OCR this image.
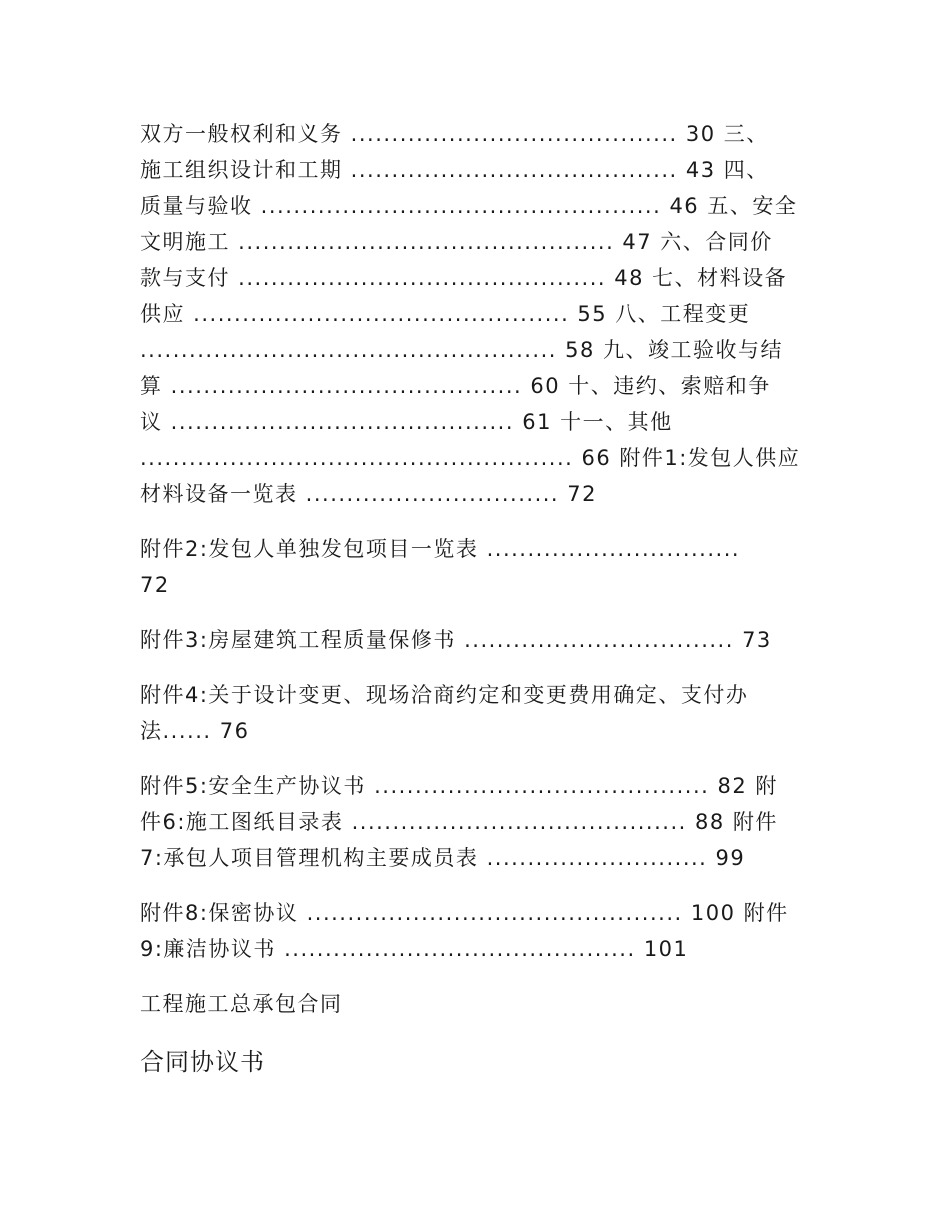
双方一般权利和义务 ........................................ 30 三、
施工组织设计和工期 ........................................ 43 四、
质量与验收 ................................................. 46 五、安全
文明施工 .............................................. 47 六、合同价
款与支付 ............................................. 48 七、材料设备
供应 .............................................. 55 八、工程变更
................................................... 58 九、竣工验收与结
算 ........................................... 60 十、违约、索赔和争
议 .......................................... 61 十一、其他
..................................................... 66 附件1:发包人供应
材料设备一览表 ............................... 72
附件2:发包人单独发包项目一览表 ...............................
72
附件3:房屋建筑工程质量保修书 ................................. 73
附件4:关于设计变更、现场洽商约定和变更费用确定、支付办
法...... 76
附件5:安全生产协议书 ......................................... 82 附
件6:施工图纸目录表 ......................................... 88 附件
7:承包人项目管理机构主要成员表 ........................... 99
附件8:保密协议 .............................................. 100 附件
9:廉洁协议书 ........................................... 101
工程施工总承包合同
合同协议书
